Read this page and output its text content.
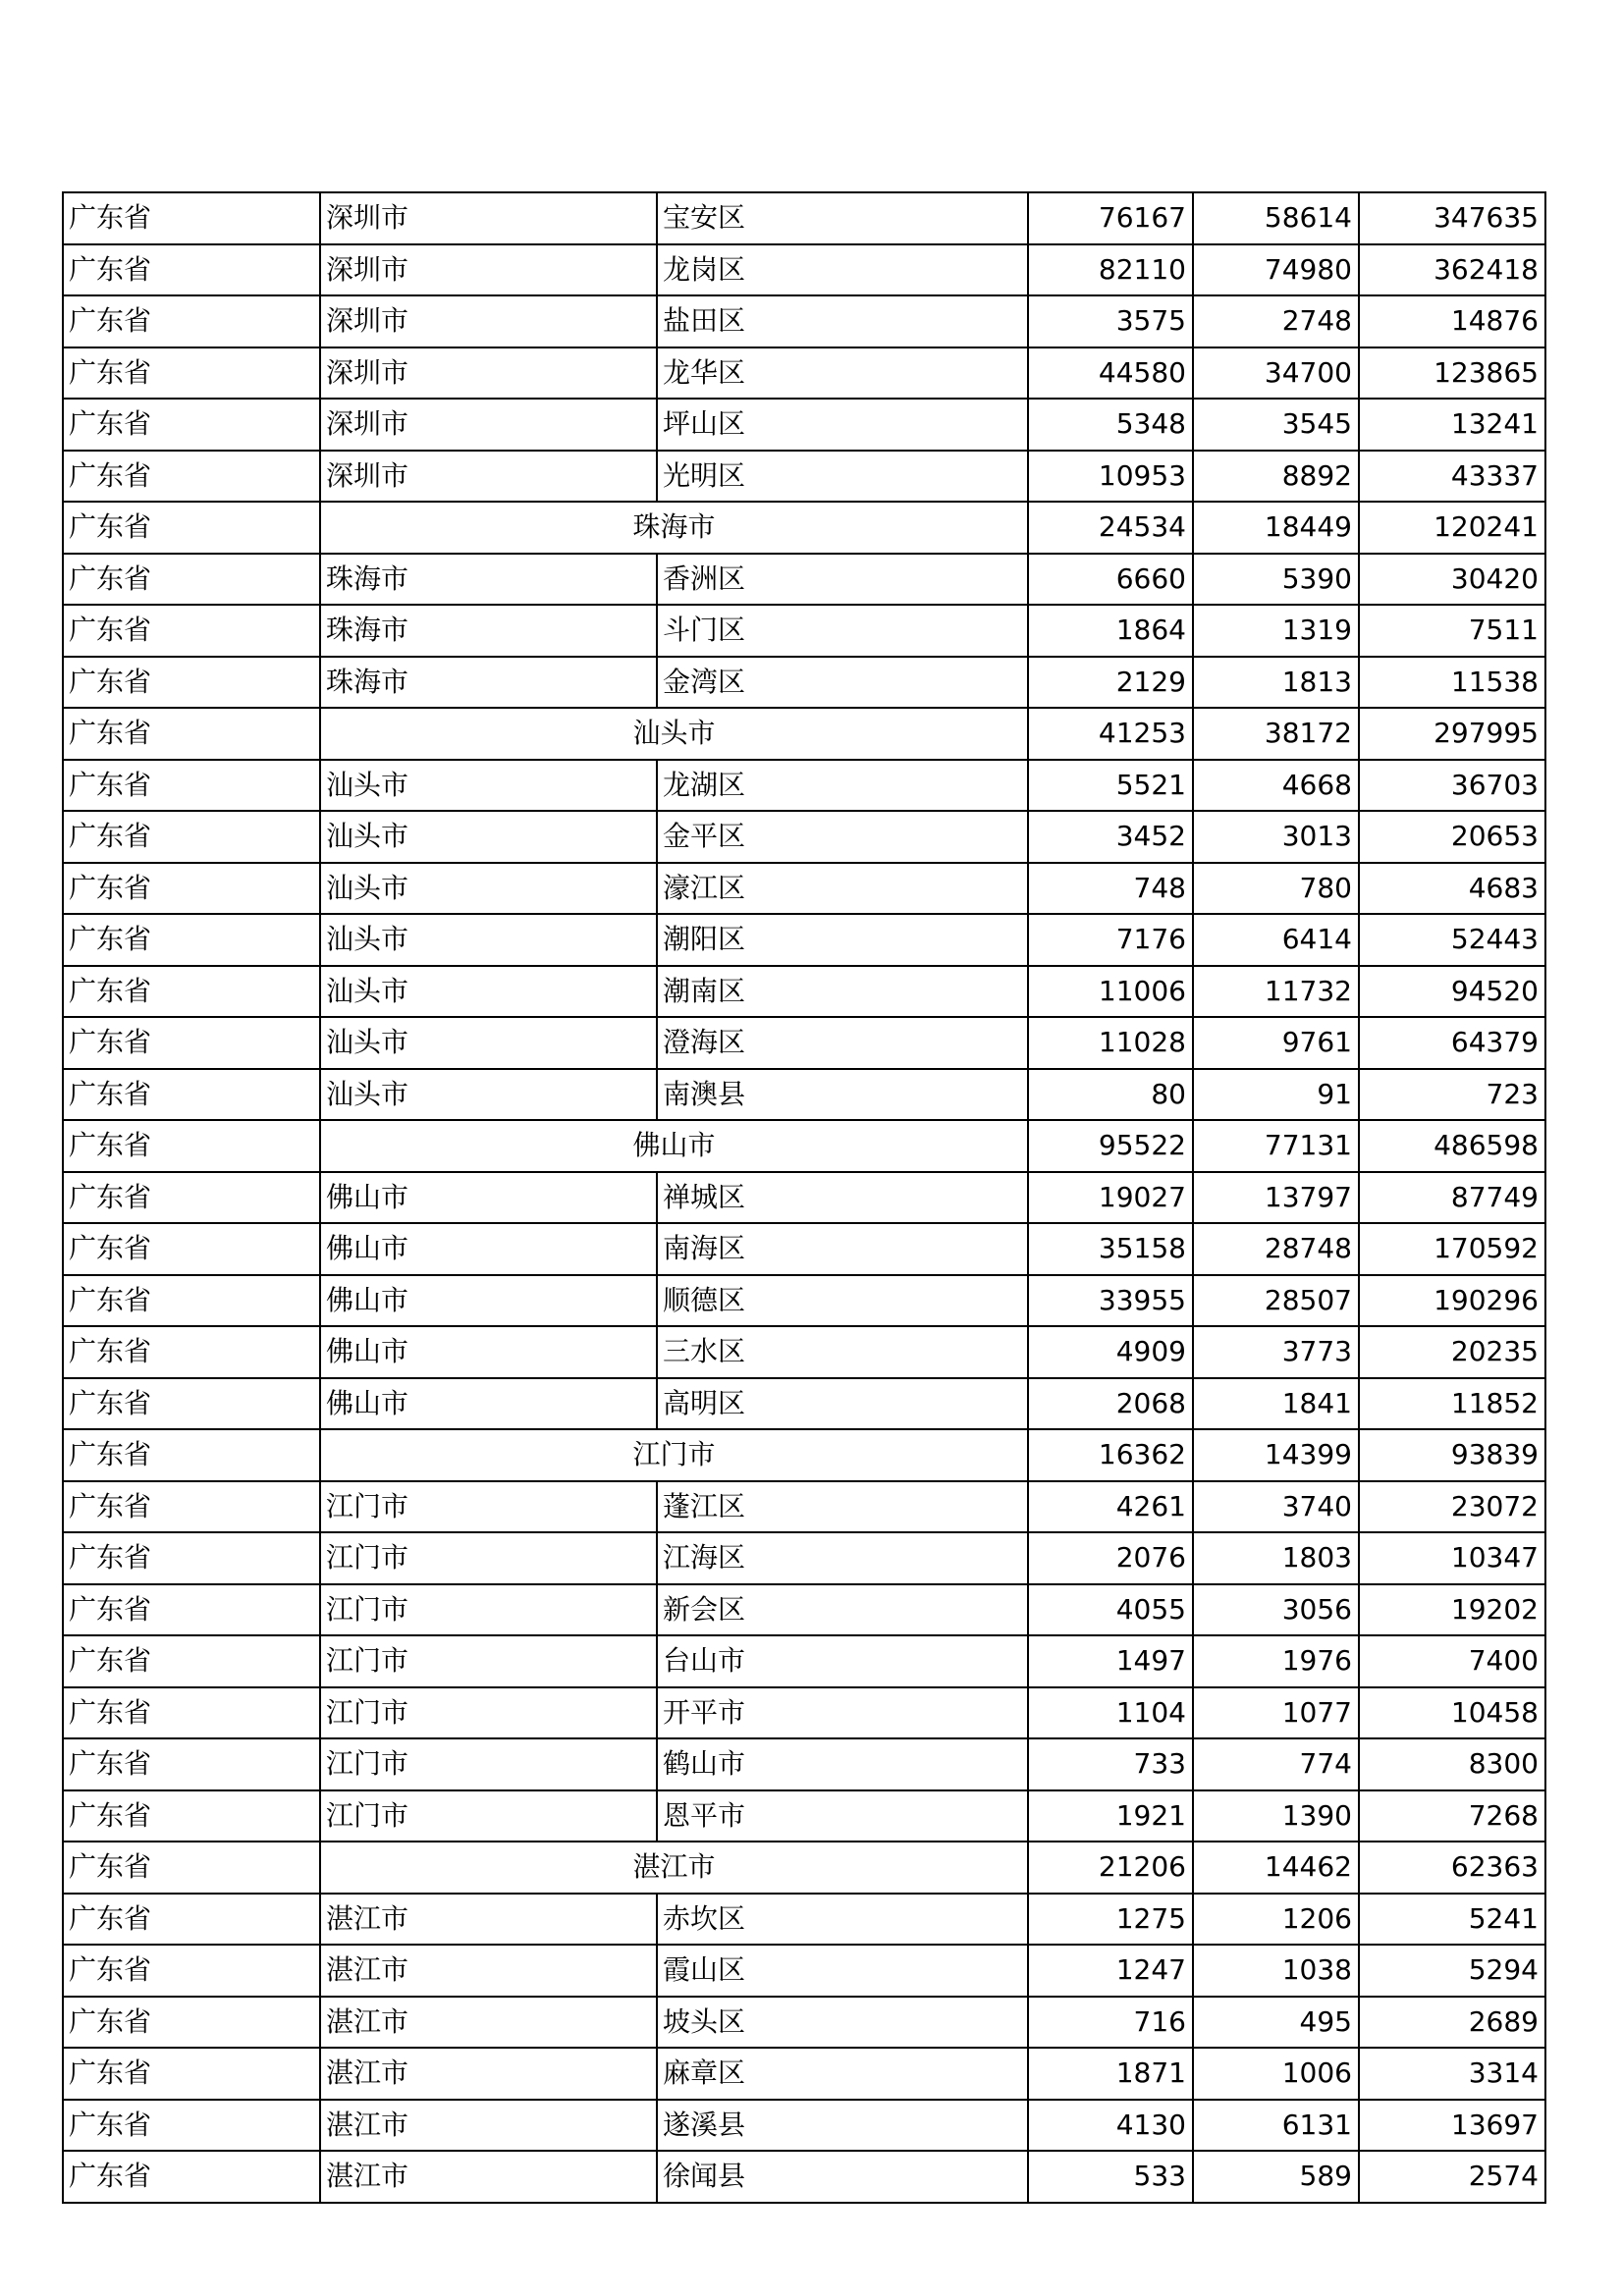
广东省	深圳市	宝安区	76167	58614	347635
广东省	深圳市	龙岗区	82110	74980	362418
广东省	深圳市	盐田区	3575	2748	14876
广东省	深圳市	龙华区	44580	34700	123865
广东省	深圳市	坪山区	5348	3545	13241
广东省	深圳市	光明区	10953	8892	43337
广东省	珠海市		24534	18449	120241
广东省	珠海市	香洲区	6660	5390	30420
广东省	珠海市	斗门区	1864	1319	7511
广东省	珠海市	金湾区	2129	1813	11538
广东省	汕头市		41253	38172	297995
广东省	汕头市	龙湖区	5521	4668	36703
广东省	汕头市	金平区	3452	3013	20653
广东省	汕头市	濠江区	748	780	4683
广东省	汕头市	潮阳区	7176	6414	52443
广东省	汕头市	潮南区	11006	11732	94520
广东省	汕头市	澄海区	11028	9761	64379
广东省	汕头市	南澳县	80	91	723
广东省	佛山市		95522	77131	486598
广东省	佛山市	禅城区	19027	13797	87749
广东省	佛山市	南海区	35158	28748	170592
广东省	佛山市	顺德区	33955	28507	190296
广东省	佛山市	三水区	4909	3773	20235
广东省	佛山市	高明区	2068	1841	11852
广东省	江门市		16362	14399	93839
广东省	江门市	蓬江区	4261	3740	23072
广东省	江门市	江海区	2076	1803	10347
广东省	江门市	新会区	4055	3056	19202
广东省	江门市	台山市	1497	1976	7400
广东省	江门市	开平市	1104	1077	10458
广东省	江门市	鹤山市	733	774	8300
广东省	江门市	恩平市	1921	1390	7268
广东省	湛江市		21206	14462	62363
广东省	湛江市	赤坎区	1275	1206	5241
广东省	湛江市	霞山区	1247	1038	5294
广东省	湛江市	坡头区	716	495	2689
广东省	湛江市	麻章区	1871	1006	3314
广东省	湛江市	遂溪县	4130	6131	13697
广东省	湛江市	徐闻县	533	589	2574
